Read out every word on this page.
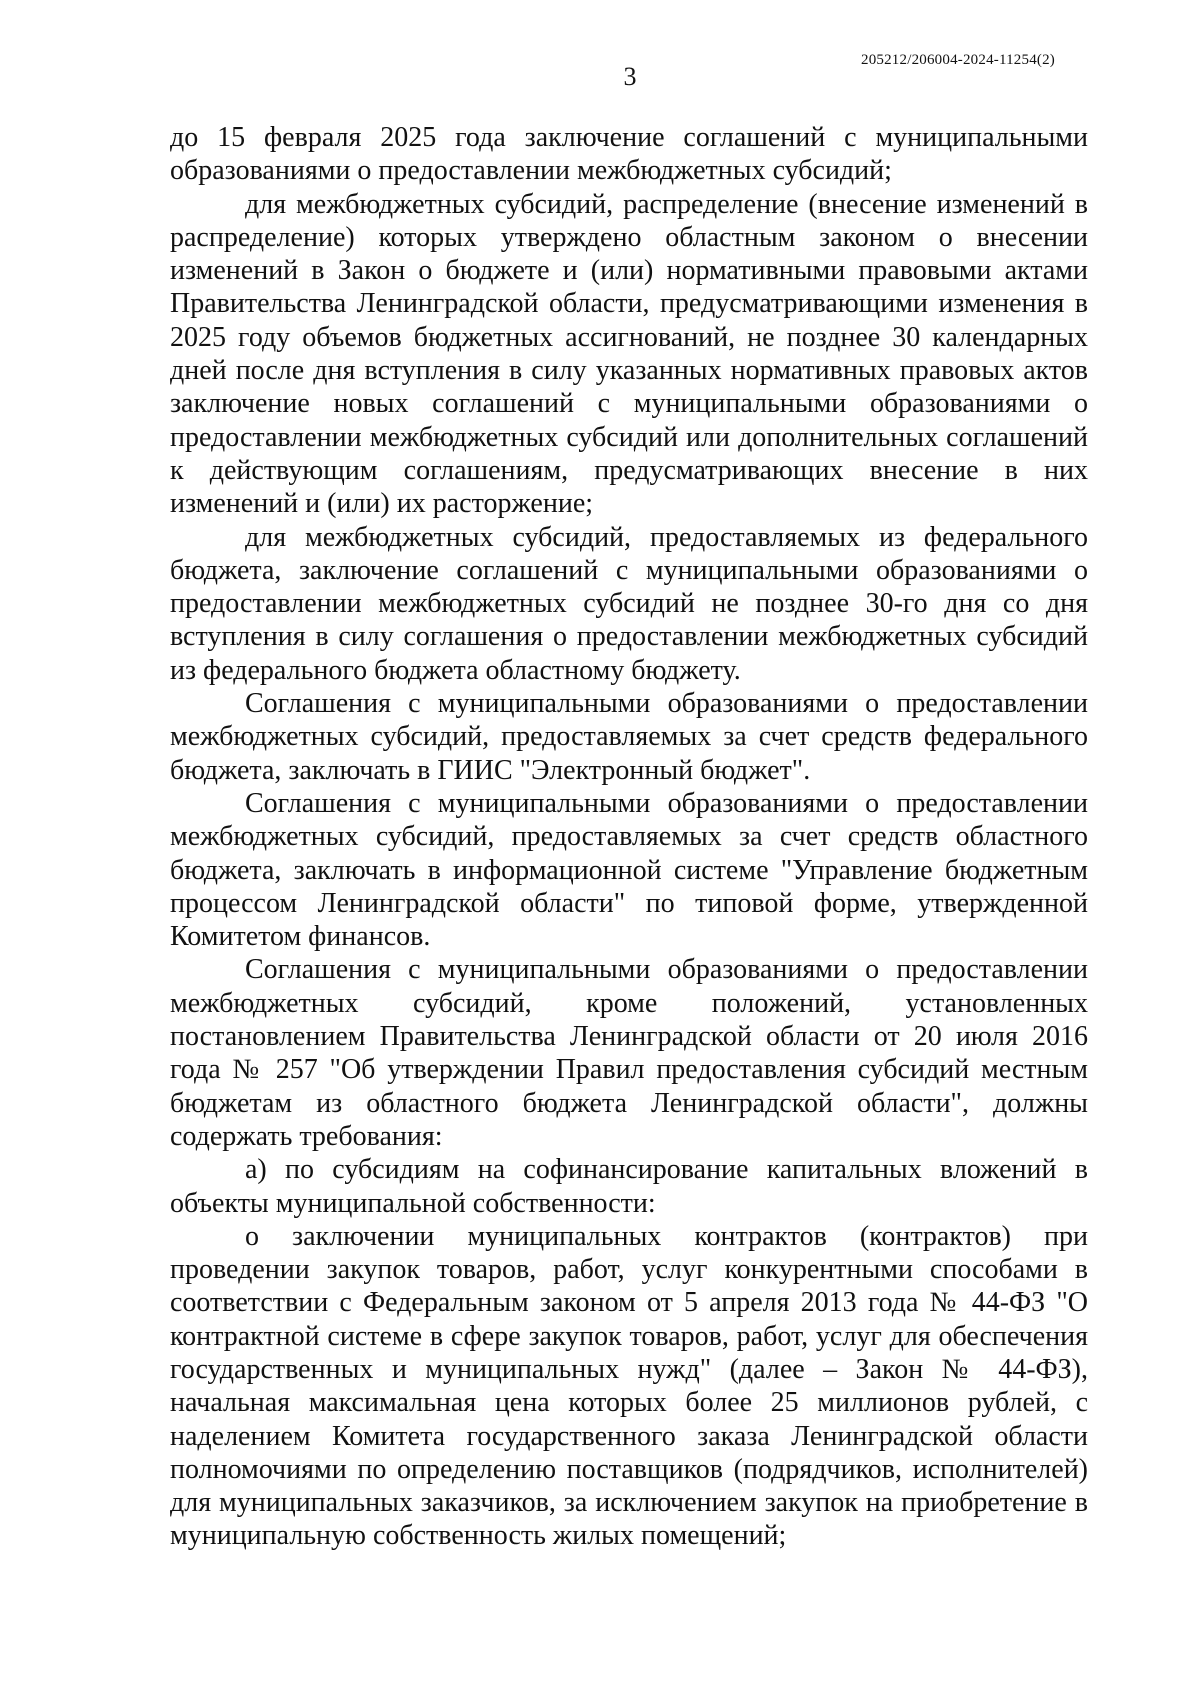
205212/206004-2024-11254(2)
3

до 15 февраля 2025 года заключение соглашений с муниципальными образованиями о предоставлении межбюджетных субсидий;

для межбюджетных субсидий, распределение (внесение изменений в распределение) которых утверждено областным законом о внесении изменений в Закон о бюджете и (или) нормативными правовыми актами Правительства Ленинградской области, предусматривающими изменения в 2025 году объемов бюджетных ассигнований, не позднее 30 календарных дней после дня вступления в силу указанных нормативных правовых актов заключение новых соглашений с муниципальными образованиями о предоставлении межбюджетных субсидий или дополнительных соглашений к действующим соглашениям, предусматривающих внесение в них изменений и (или) их расторжение;

для межбюджетных субсидий, предоставляемых из федерального бюджета, заключение соглашений с муниципальными образованиями о предоставлении межбюджетных субсидий не позднее 30-го дня со дня вступления в силу соглашения о предоставлении межбюджетных субсидий из федерального бюджета областному бюджету.

Соглашения с муниципальными образованиями о предоставлении межбюджетных субсидий, предоставляемых за счет средств федерального бюджета, заключать в ГИИС "Электронный бюджет".

Соглашения с муниципальными образованиями о предоставлении межбюджетных субсидий, предоставляемых за счет средств областного бюджета, заключать в информационной системе "Управление бюджетным процессом Ленинградской области" по типовой форме, утвержденной Комитетом финансов.

Соглашения с муниципальными образованиями о предоставлении межбюджетных субсидий, кроме положений, установленных постановлением Правительства Ленинградской области от 20 июля 2016 года № 257 "Об утверждении Правил предоставления субсидий местным бюджетам из областного бюджета Ленинградской области", должны содержать требования:

а) по субсидиям на софинансирование капитальных вложений в объекты муниципальной собственности:

о заключении муниципальных контрактов (контрактов) при проведении закупок товаров, работ, услуг конкурентными способами в соответствии с Федеральным законом от 5 апреля 2013 года № 44-ФЗ "О контрактной системе в сфере закупок товаров, работ, услуг для обеспечения государственных и муниципальных нужд" (далее – Закон № 44-ФЗ), начальная максимальная цена которых более 25 миллионов рублей, с наделением Комитета государственного заказа Ленинградской области полномочиями по определению поставщиков (подрядчиков, исполнителей) для муниципальных заказчиков, за исключением закупок на приобретение в муниципальную собственность жилых помещений;
